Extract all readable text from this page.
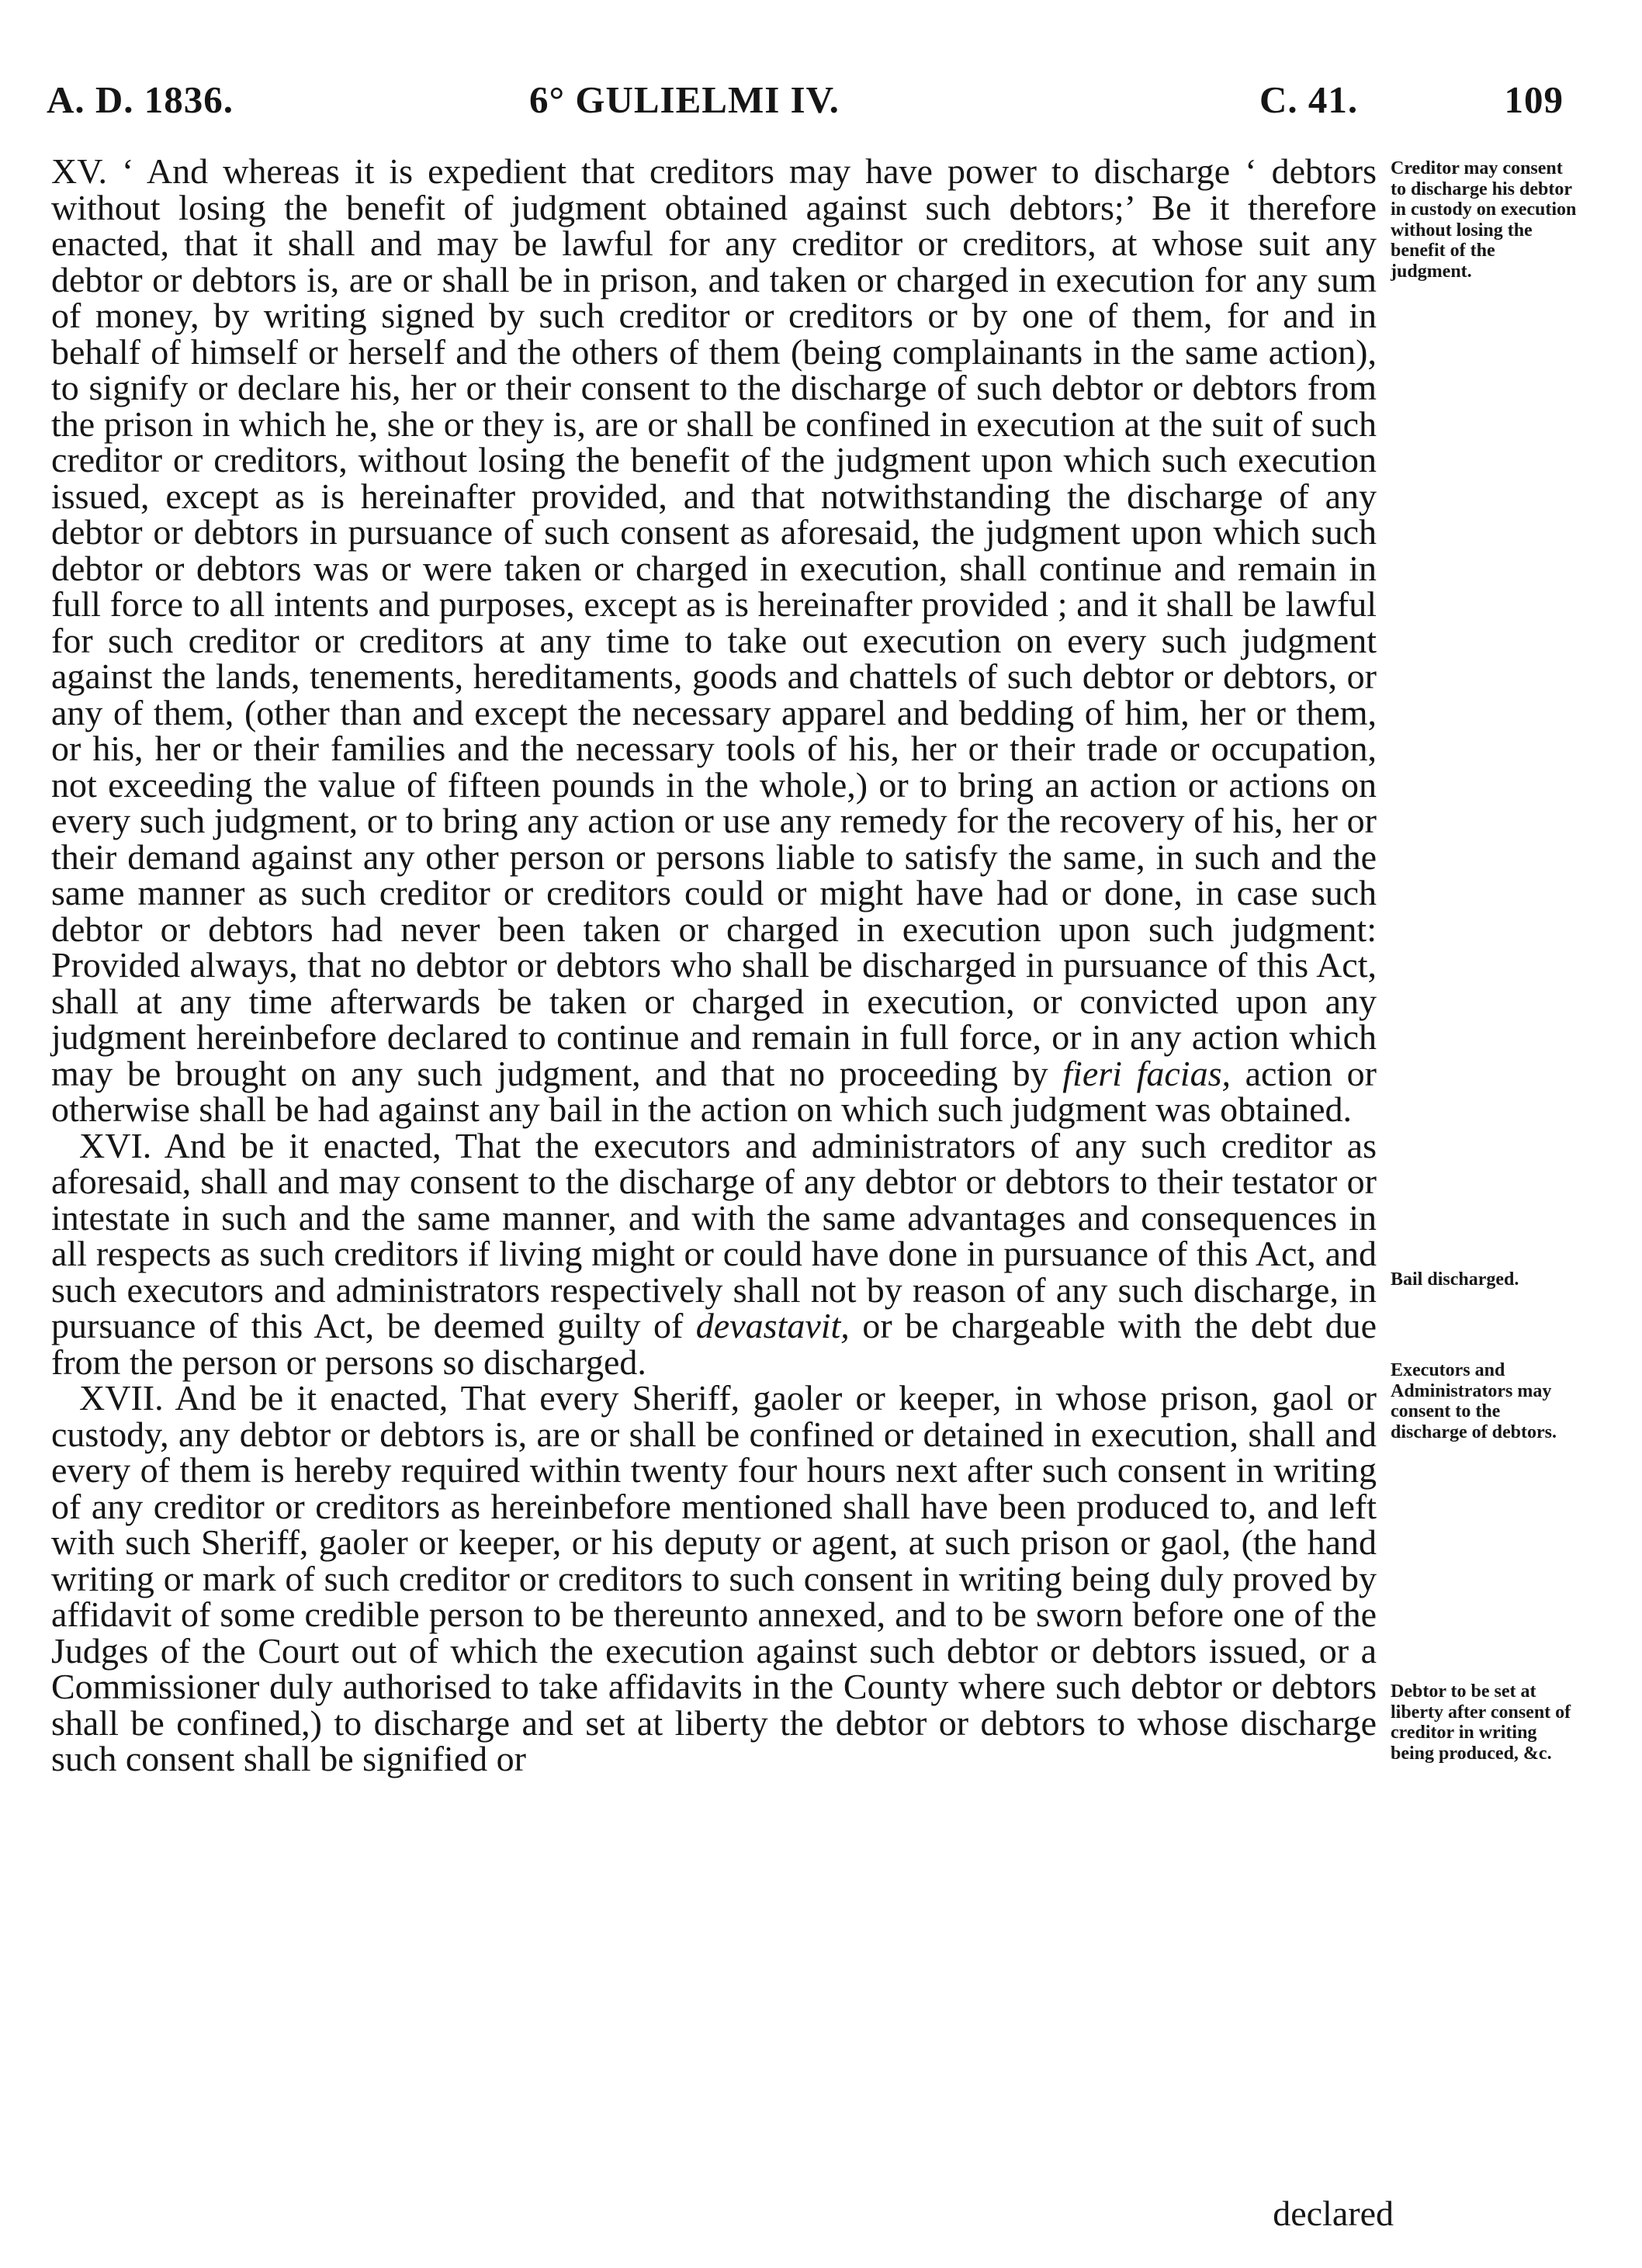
A. D. 1836.	6° GULIELMI IV.	C. 41.	109

XV. ‘ And whereas it is expedient that creditors may have power to discharge ‘ debtors without losing the benefit of judgment obtained against such debtors;’ Be it therefore enacted, that it shall and may be lawful for any creditor or creditors, at whose suit any debtor or debtors is, are or shall be in prison, and taken or charged in execution for any sum of money, by writing signed by such creditor or creditors or by one of them, for and in behalf of himself or herself and the others of them (being complainants in the same action), to signify or declare his, her or their consent to the discharge of such debtor or debtors from the prison in which he, she or they is, are or shall be confined in execution at the suit of such creditor or creditors, without losing the benefit of the judgment upon which such execution issued, except as is hereinafter provided, and that notwithstanding the discharge of any debtor or debtors in pursuance of such consent as aforesaid, the judgment upon which such debtor or debtors was or were taken or charged in execution, shall continue and remain in full force to all intents and purposes, except as is hereinafter provided ; and it shall be lawful for such creditor or creditors at any time to take out execution on every such judgment against the lands, tenements, hereditaments, goods and chattels of such debtor or debtors, or any of them, (other than and except the necessary apparel and bedding of him, her or them, or his, her or their families and the necessary tools of his, her or their trade or occupation, not exceeding the value of fifteen pounds in the whole,) or to bring an action or actions on every such judgment, or to bring any action or use any remedy for the recovery of his, her or their demand against any other person or persons liable to satisfy the same, in such and the same manner as such creditor or creditors could or might have had or done, in case such debtor or debtors had never been taken or charged in execution upon such judgment: Provided always, that no debtor or debtors who shall be discharged in pursuance of this Act, shall at any time afterwards be taken or charged in execution, or convicted upon any judgment hereinbefore declared to continue and remain in full force, or in any action which may be brought on any such judgment, and that no proceeding by fieri facias, action or otherwise shall be had against any bail in the action on which such judgment was obtained.

XVI. And be it enacted, That the executors and administrators of any such creditor as aforesaid, shall and may consent to the discharge of any debtor or debtors to their testator or intestate in such and the same manner, and with the same advantages and consequences in all respects as such creditors if living might or could have done in pursuance of this Act, and such executors and administrators respectively shall not by reason of any such discharge, in pursuance of this Act, be deemed guilty of devastavit, or be chargeable with the debt due from the person or persons so discharged.

XVII. And be it enacted, That every Sheriff, gaoler or keeper, in whose prison, gaol or custody, any debtor or debtors is, are or shall be confined or detained in execution, shall and every of them is hereby required within twenty four hours next after such consent in writing of any creditor or creditors as hereinbefore mentioned shall have been produced to, and left with such Sheriff, gaoler or keeper, or his deputy or agent, at such prison or gaol, (the hand writing or mark of such creditor or creditors to such consent in writing being duly proved by affidavit of some credible person to be thereunto annexed, and to be sworn before one of the Judges of the Court out of which the execution against such debtor or debtors issued, or a Commissioner duly authorised to take affidavits in the County where such debtor or debtors shall be confined,) to discharge and set at liberty the debtor or debtors to whose discharge such consent shall be signified or

declared
Creditor may consent to discharge his debtor in custody on execution without losing the benefit of the judgment.
Bail discharged.
Executors and Administrators may consent to the discharge of debtors.
Debtor to be set at liberty after consent of creditor in writing being produced, &c.
